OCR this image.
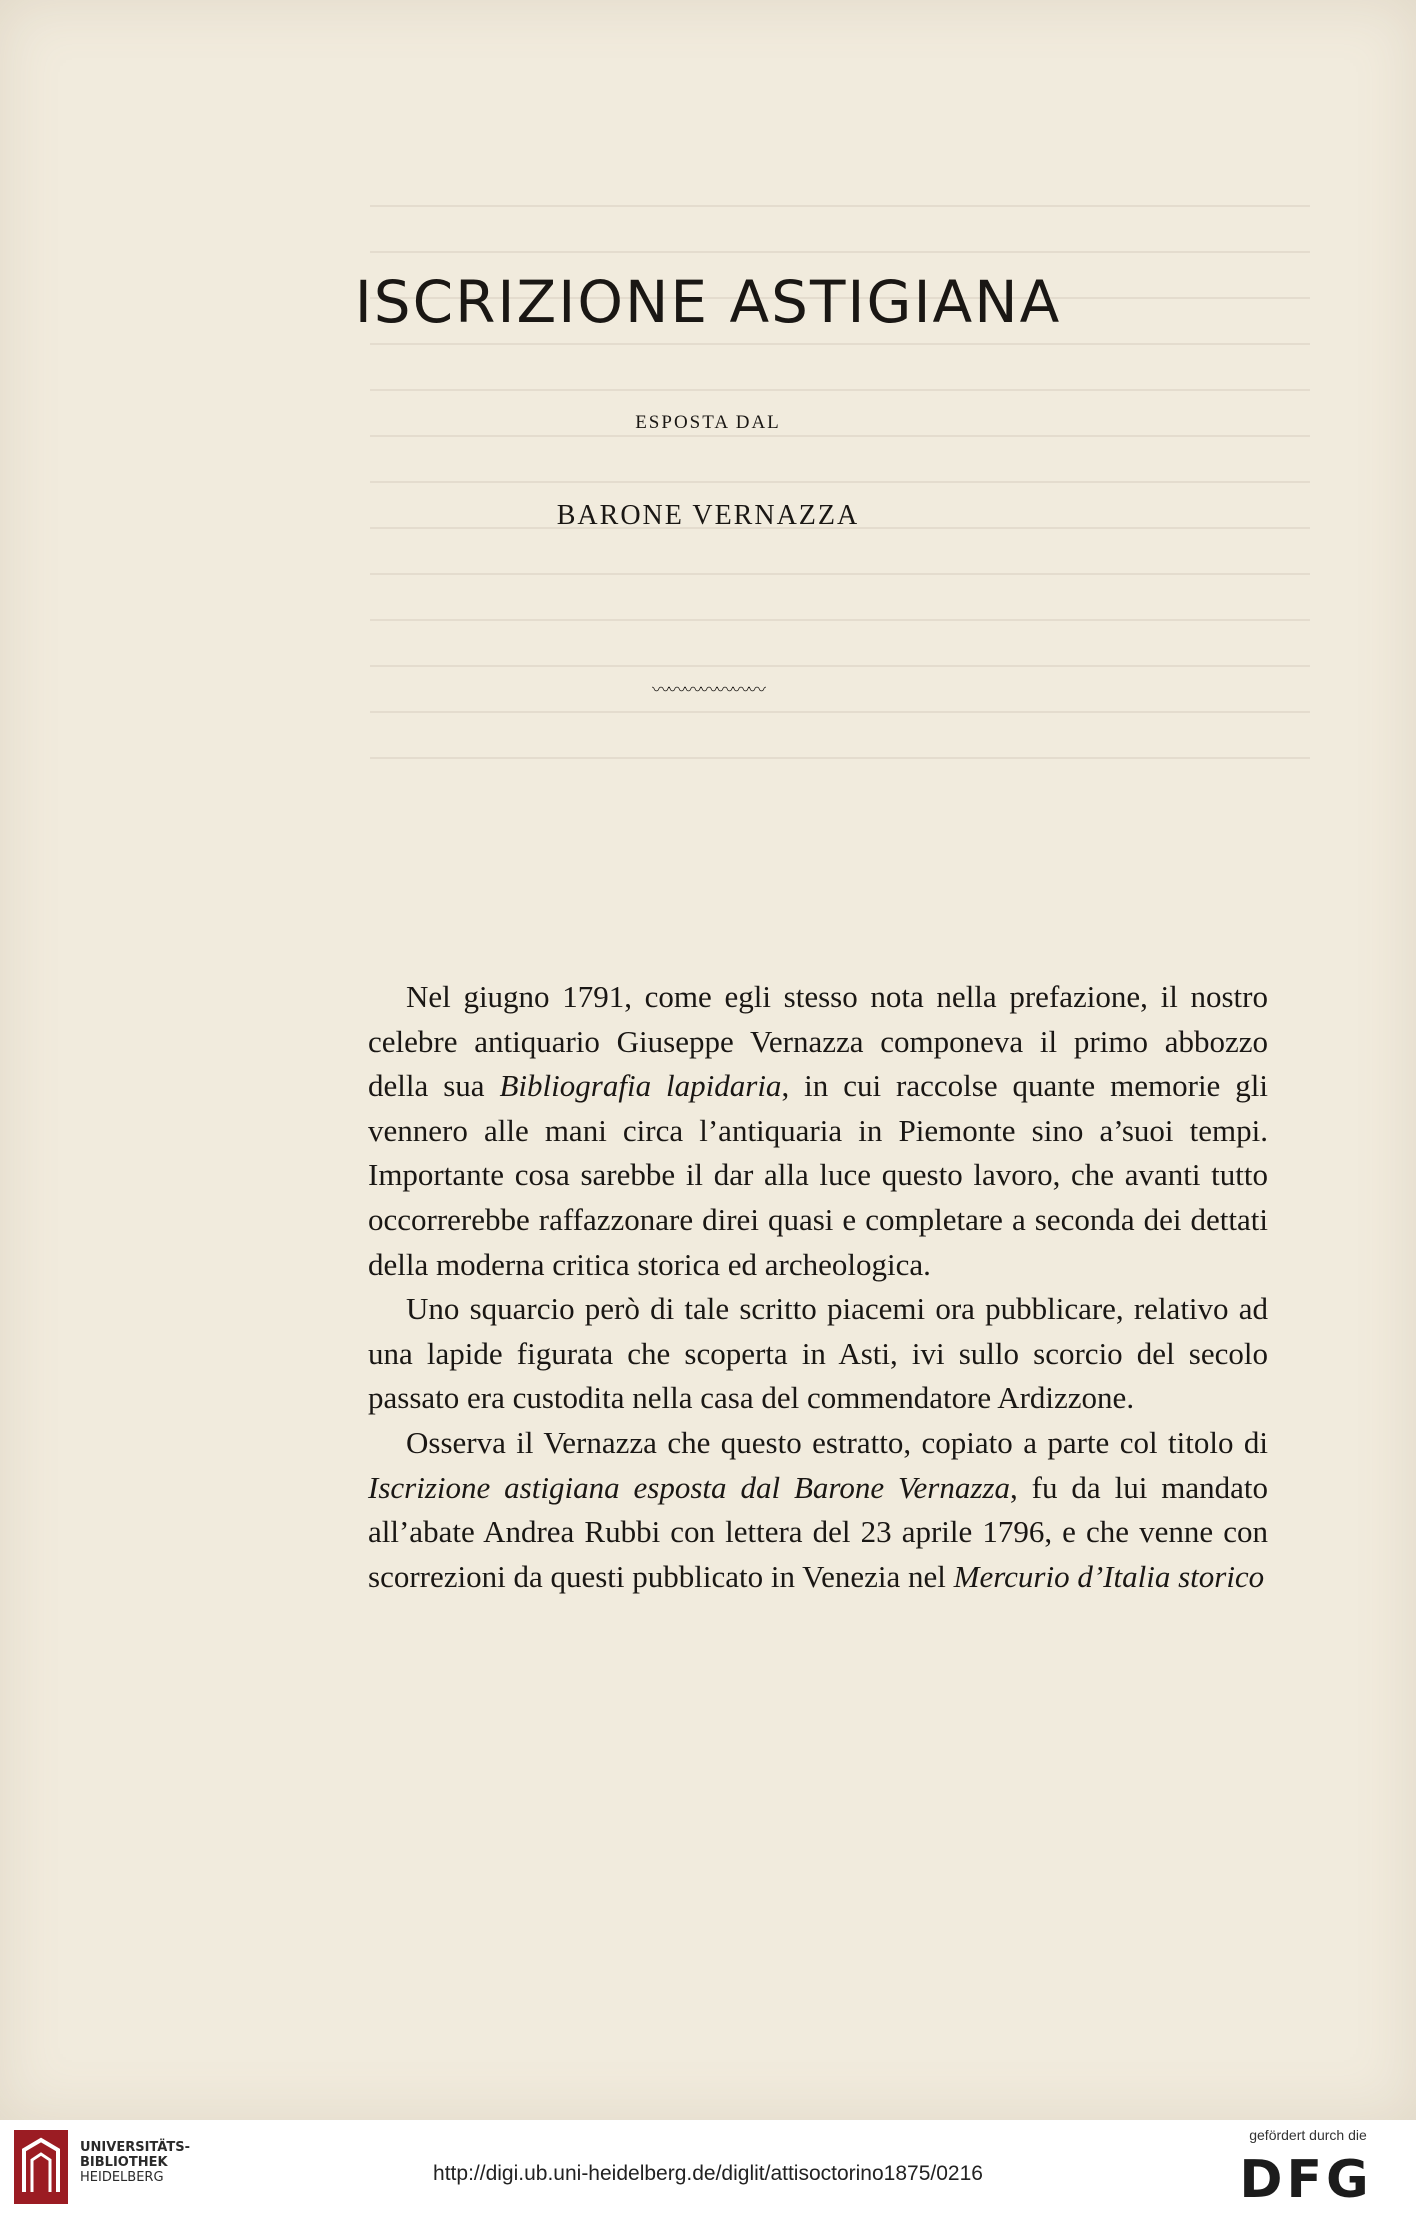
ISCRIZIONE ASTIGIANA
ESPOSTA DAL
BARONE VERNAZZA
〰〰〰〰〰〰〰

Nel giugno 1791, come egli stesso nota nella prefazione, il nostro celebre antiquario Giuseppe Vernazza componeva il primo abbozzo della sua Bibliografia lapidaria, in cui raccolse quante memorie gli vennero alle mani circa l’antiquaria in Piemonte sino a’suoi tempi. Importante cosa sarebbe il dar alla luce questo lavoro, che avanti tutto occorrerebbe raffazzonare direi quasi e completare a seconda dei dettati della moderna critica storica ed archeologica.

Uno squarcio però di tale scritto piacemi ora pubblicare, relativo ad una lapide figurata che scoperta in Asti, ivi sullo scorcio del secolo passato era custodita nella casa del commendatore Ardizzone.

Osserva il Vernazza che questo estratto, copiato a parte col titolo di Iscrizione astigiana esposta dal Barone Vernazza, fu da lui mandato all’abate Andrea Rubbi con lettera del 23 aprile 1796, e che venne con scorrezioni da questi pubblicato in Venezia nel Mercurio d’Italia storico

UNIVERSITÄTS-
BIBLIOTHEK
HEIDELBERG	http://digi.ub.uni-heidelberg.de/diglit/attisoctorino1875/0216
gefördert durch die
DFG
